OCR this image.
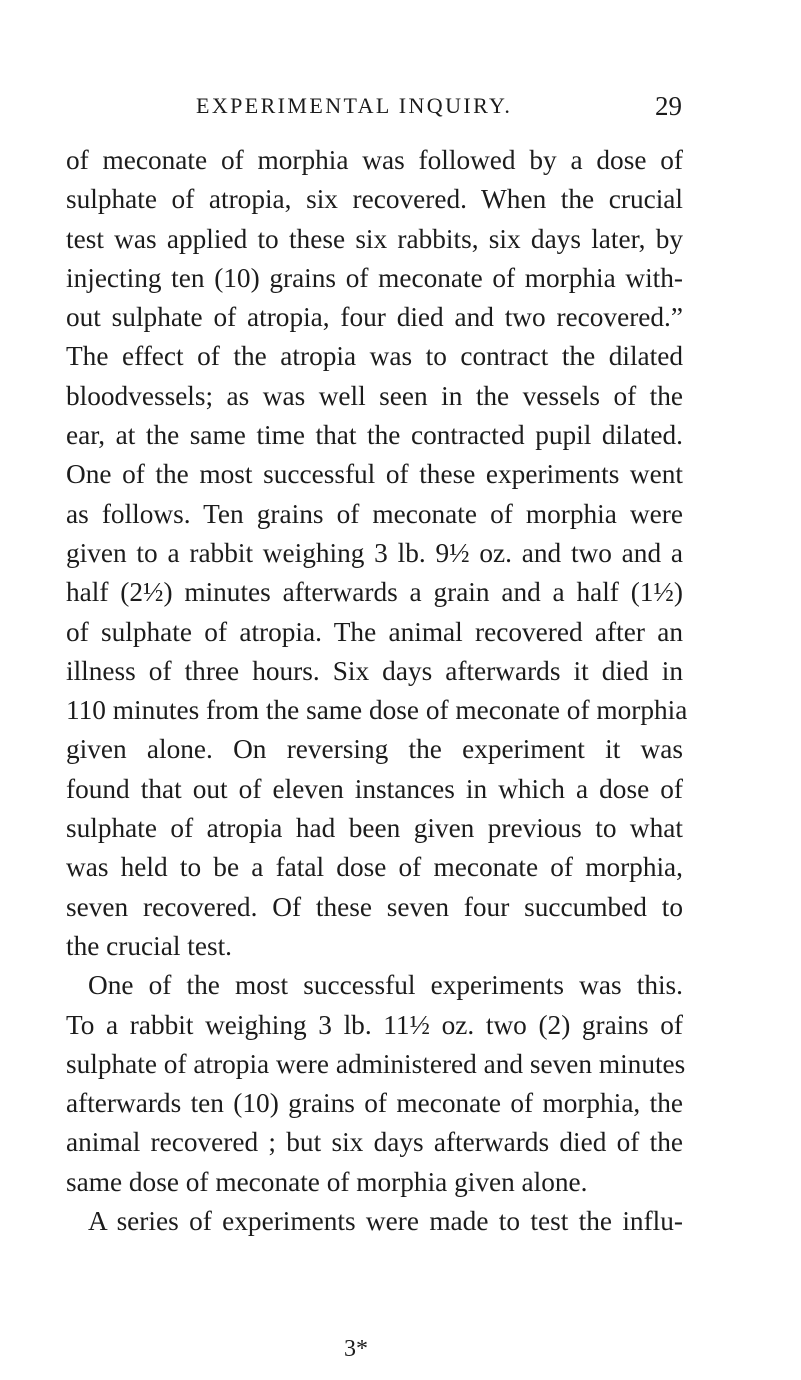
EXPERIMENTAL INQUIRY.	29
of meconate of morphia was followed by a dose of
sulphate of atropia, six recovered. When the crucial
test was applied to these six rabbits, six days later, by
injecting ten (10) grains of meconate of morphia with-
out sulphate of atropia, four died and two recovered.”
The effect of the atropia was to contract the dilated
bloodvessels; as was well seen in the vessels of the
ear, at the same time that the contracted pupil dilated.
One of the most successful of these experiments went
as follows. Ten grains of meconate of morphia were
given to a rabbit weighing 3 lb. 9½ oz. and two and a
half (2½) minutes afterwards a grain and a half (1½)
of sulphate of atropia. The animal recovered after an
illness of three hours. Six days afterwards it died in
110 minutes from the same dose of meconate of morphia
given alone. On reversing the experiment it was
found that out of eleven instances in which a dose of
sulphate of atropia had been given previous to what
was held to be a fatal dose of meconate of morphia,
seven recovered. Of these seven four succumbed to
the crucial test.
One of the most successful experiments was this.
To a rabbit weighing 3 lb. 11½ oz. two (2) grains of
sulphate of atropia were administered and seven minutes
afterwards ten (10) grains of meconate of morphia, the
animal recovered ; but six days afterwards died of the
same dose of meconate of morphia given alone.
A series of experiments were made to test the influ-
3*
